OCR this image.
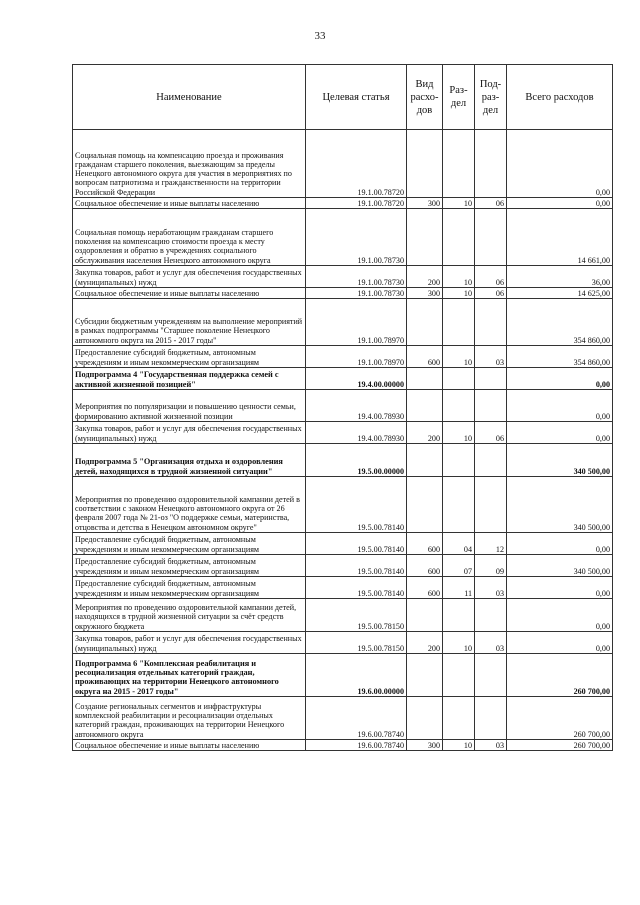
33
Наименование	Целевая статья	Вид расхо-дов	Раз-дел	Под-раз-дел	Всего расходов
Социальная помощь на компенсацию проезда и проживания гражданам старшего поколения, выезжающим за пределы Ненецкого автономного округа для участия в мероприятиях по вопросам патриотизма и гражданственности на территории Российской Федерации	19.1.00.78720				0,00
Социальное обеспечение и иные выплаты населению	19.1.00.78720	300	10	06	0,00
Социальная помощь неработающим гражданам старшего поколения на компенсацию стоимости проезда к месту оздоровления и обратно в учреждениях социального обслуживания населения Ненецкого автономного округа	19.1.00.78730				14 661,00
Закупка товаров, работ и услуг для обеспечения государственных (муниципальных) нужд	19.1.00.78730	200	10	06	36,00
Социальное обеспечение и иные выплаты населению	19.1.00.78730	300	10	06	14 625,00
Субсидии бюджетным учреждениям на выполнение мероприятий в рамках подпрограммы "Старшее поколение Ненецкого автономного округа на 2015 - 2017 годы"	19.1.00.78970				354 860,00
Предоставление субсидий бюджетным, автономным учреждениям и иным некоммерческим организациям	19.1.00.78970	600	10	03	354 860,00
Подпрограмма 4 "Государственная поддержка семей с активной жизненной позицией"	19.4.00.00000				0,00
Мероприятия по популяризации и повышению ценности семьи, формированию активной жизненной позиции	19.4.00.78930				0,00
Закупка товаров, работ и услуг для обеспечения государственных (муниципальных) нужд	19.4.00.78930	200	10	06	0,00
Подпрограмма 5 "Организация отдыха и оздоровления детей, находящихся в трудной жизненной ситуации"	19.5.00.00000				340 500,00
Мероприятия по проведению оздоровительной кампании детей в соответствии с законом Ненецкого автономного округа от 26 февраля 2007 года № 21-оз "О поддержке семьи, материнства, отцовства и детства в Ненецком автономном округе"	19.5.00.78140				340 500,00
Предоставление субсидий бюджетным, автономным учреждениям и иным некоммерческим организациям	19.5.00.78140	600	04	12	0,00
Предоставление субсидий бюджетным, автономным учреждениям и иным некоммерческим организациям	19.5.00.78140	600	07	09	340 500,00
Предоставление субсидий бюджетным, автономным учреждениям и иным некоммерческим организациям	19.5.00.78140	600	11	03	0,00
Мероприятия по проведению оздоровительной кампании детей, находящихся в трудной жизненной ситуации за счёт средств окружного бюджета	19.5.00.78150				0,00
Закупка товаров, работ и услуг для обеспечения государственных (муниципальных) нужд	19.5.00.78150	200	10	03	0,00
Подпрограмма 6 "Комплексная реабилитация и ресоциализация отдельных категорий граждан, проживающих на территории Ненецкого автономного округа на 2015 - 2017 годы"	19.6.00.00000				260 700,00
Создание региональных сегментов и инфраструктуры комплексной реабилитации и ресоциализации отдельных категорий граждан, проживающих на территории Ненецкого автономного округа	19.6.00.78740				260 700,00
Социальное обеспечение и иные выплаты населению	19.6.00.78740	300	10	03	260 700,00
